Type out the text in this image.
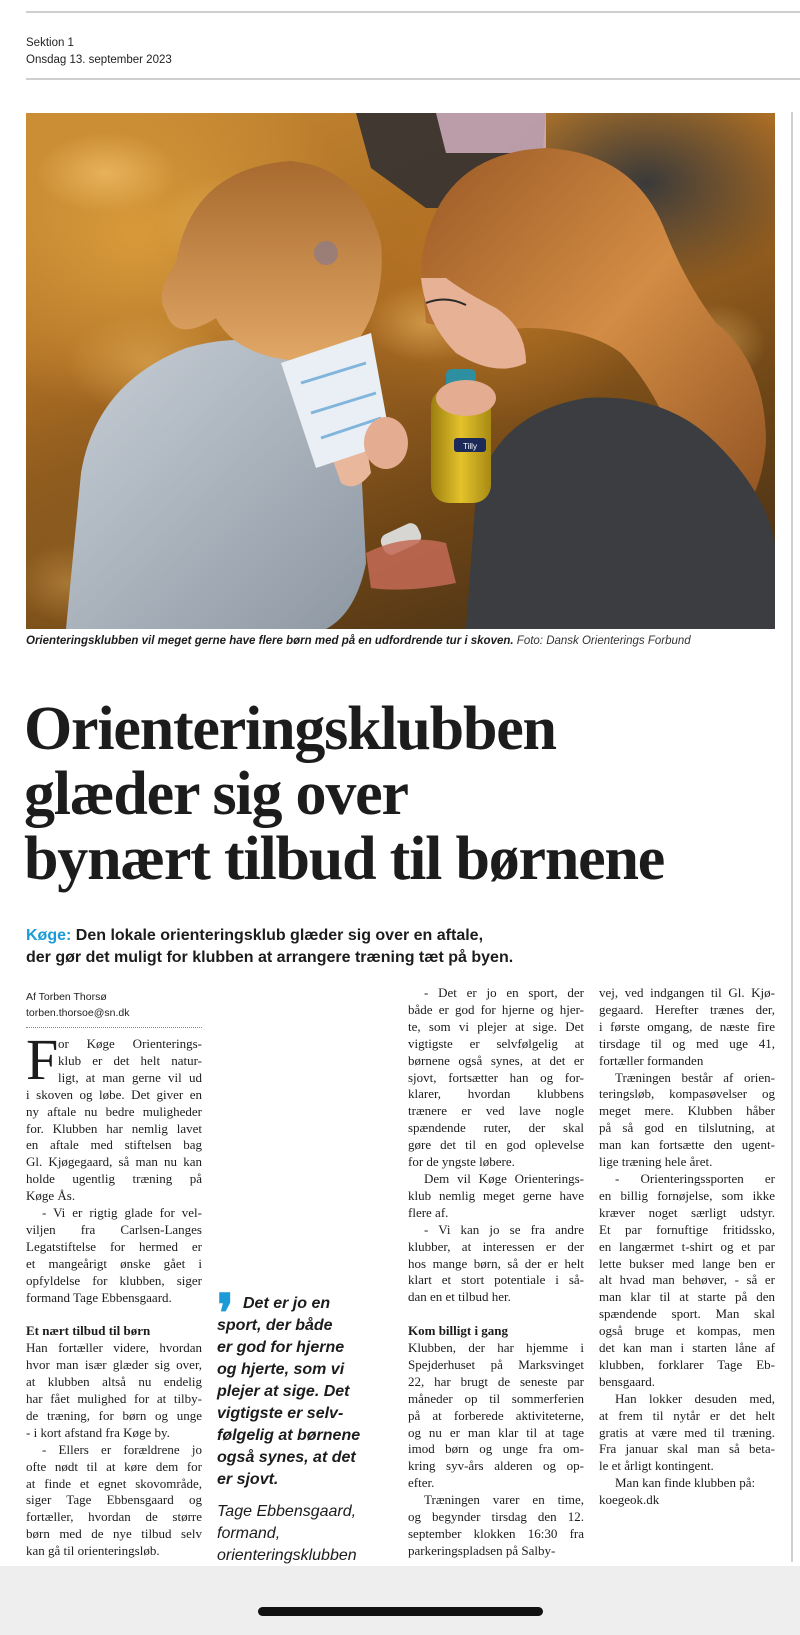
Sektion 1
Onsdag 13. september 2023
Tilly
Orienteringsklubben vil meget gerne have flere børn med på en udfordrende tur i skoven. Foto: Dansk Orienterings Forbund
Orienteringsklubben
glæder sig over
bynært tilbud til børnene
Køge: Den lokale orienteringsklub glæder sig over en aftale,
der gør det muligt for klubben at arrangere træning tæt på byen.
Af Torben Thorsø
torben.thorsoe@sn.dk
F or Køge Orienterings-
klub er det helt natur-
ligt, at man gerne vil ud
i skoven og løbe. Det giver en
ny aftale nu bedre muligheder
for. Klubben har nemlig lavet
en aftale med stiftelsen bag
Gl. Kjøgegaard, så man nu kan
holde ugentlig træning på
Køge Ås.
- Vi er rigtig glade for vel-
viljen fra Carlsen-Langes
Legatstiftelse for hermed er
et mangeårigt ønske gået i
opfyldelse for klubben, siger
formand Tage Ebbensgaard.
Et nært tilbud til børn
Han fortæller videre, hvordan
hvor man især glæder sig over,
at klubben altså nu endelig
har fået mulighed for at tilby-
de træning, for børn og unge
- i kort afstand fra Køge by.
- Ellers er forældrene jo
ofte nødt til at køre dem for
at finde et egnet skovområde,
siger Tage Ebbensgaard og
fortæller, hvordan de større
børn med de nye tilbud selv
kan gå til orienteringsløb.
❜ Det er jo en
sport, der både
er god for hjerne
og hjerte, som vi
plejer at sige. Det
vigtigste er selv-
følgelig at børnene
også synes, at det
er sjovt.
Tage Ebbensgaard,
formand,
orienteringsklubben
- Det er jo en sport, der
både er god for hjerne og hjer-
te, som vi plejer at sige. Det
vigtigste er selvfølgelig at
børnene også synes, at det er
sjovt, fortsætter han og for-
klarer, hvordan klubbens
trænere er ved lave nogle
spændende ruter, der skal
gøre det til en god oplevelse
for de yngste løbere.
Dem vil Køge Orienterings-
klub nemlig meget gerne have
flere af.
- Vi kan jo se fra andre
klubber, at interessen er der
hos mange børn, så der er helt
klart et stort potentiale i så-
dan en et tilbud her.
Kom billigt i gang
Klubben, der har hjemme i
Spejderhuset på Marksvinget
22, har brugt de seneste par
måneder op til sommerferien
på at forberede aktiviteterne,
og nu er man klar til at tage
imod børn og unge fra om-
kring syv-års alderen og op-
efter.
Træningen varer en time,
og begynder tirsdag den 12.
september klokken 16:30 fra
parkeringspladsen på Salby-
vej, ved indgangen til Gl. Kjø-
gegaard. Herefter trænes der,
i første omgang, de næste fire
tirsdage til og med uge 41,
fortæller formanden
Træningen består af orien-
teringsløb, kompasøvelser og
meget mere. Klubben håber
på så god en tilslutning, at
man kan fortsætte den ugent-
lige træning hele året.
- Orienteringssporten er
en billig fornøjelse, som ikke
kræver noget særligt udstyr.
Et par fornuftige fritidssko,
en langærmet t-shirt og et par
lette bukser med lange ben er
alt hvad man behøver, - så er
man klar til at starte på den
spændende sport. Man skal
også bruge et kompas, men
det kan man i starten låne af
klubben, forklarer Tage Eb-
bensgaard.
Han lokker desuden med,
at frem til nytår er det helt
gratis at være med til træning.
Fra januar skal man så beta-
le et årligt kontingent.
Man kan finde klubben på:
koegeok.dk
